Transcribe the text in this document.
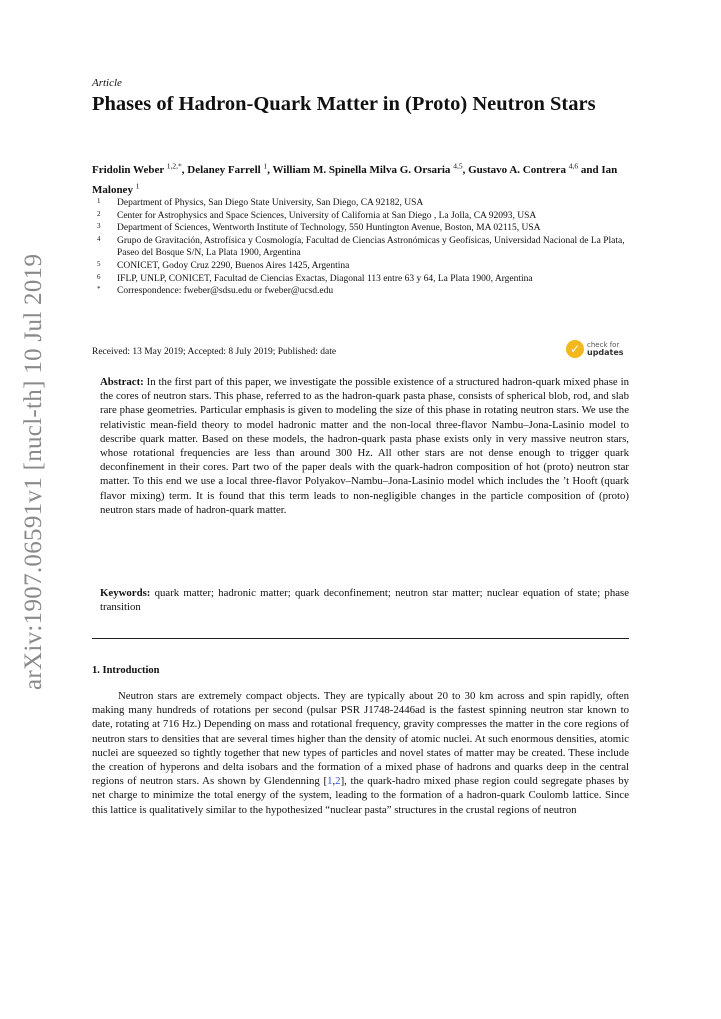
arXiv:1907.06591v1 [nucl-th] 10 Jul 2019
Article
Phases of Hadron-Quark Matter in (Proto) Neutron Stars
Fridolin Weber $^{1,2,*}$, Delaney Farrell $^1$, William M. Spinella Milva G. Orsaria $^{4,5}$, Gustavo A. Contrera $^{4,6}$ and Ian Maloney $^1$
1	Department of Physics, San Diego State University, San Diego, CA 92182, USA
2	Center for Astrophysics and Space Sciences, University of California at San Diego , La Jolla, CA 92093, USA
3	Department of Sciences, Wentworth Institute of Technology, 550 Huntington Avenue, Boston, MA 02115, USA
4	Grupo de Gravitación, Astrofísica y Cosmología, Facultad de Ciencias Astronómicas y Geofísicas, Universidad Nacional de La Plata, Paseo del Bosque S/N, La Plata 1900, Argentina
5	CONICET, Godoy Cruz 2290, Buenos Aires 1425, Argentina
6	IFLP, UNLP, CONICET, Facultad de Ciencias Exactas, Diagonal 113 entre 63 y 64, La Plata 1900, Argentina
*	Correspondence: fweber@sdsu.edu or fweber@ucsd.edu
Received: 13 May 2019; Accepted: 8 July 2019; Published: date	✓ check for
updates
Abstract: In the first part of this paper, we investigate the possible existence of a structured hadron-quark mixed phase in the cores of neutron stars. This phase, referred to as the hadron-quark pasta phase, consists of spherical blob, rod, and slab rare phase geometries. Particular emphasis is given to modeling the size of this phase in rotating neutron stars. We use the relativistic mean-field theory to model hadronic matter and the non-local three-flavor Nambu–Jona-Lasinio model to describe quark matter. Based on these models, the hadron-quark pasta phase exists only in very massive neutron stars, whose rotational frequencies are less than around 300 Hz. All other stars are not dense enough to trigger quark deconfinement in their cores. Part two of the paper deals with the quark-hadron composition of hot (proto) neutron star matter. To this end we use a local three-flavor Polyakov–Nambu–Jona-Lasinio model which includes the ’t Hooft (quark flavor mixing) term. It is found that this term leads to non-negligible changes in the particle composition of (proto) neutron stars made of hadron-quark matter.
Keywords: quark matter; hadronic matter; quark deconfinement; neutron star matter; nuclear equation of state; phase transition
1. Introduction
Neutron stars are extremely compact objects. They are typically about 20 to 30 km across and spin rapidly, often making many hundreds of rotations per second (pulsar PSR J1748-2446ad is the fastest spinning neutron star known to date, rotating at 716 Hz.) Depending on mass and rotational frequency, gravity compresses the matter in the core regions of neutron stars to densities that are several times higher than the density of atomic nuclei. At such enormous densities, atomic nuclei are squeezed so tightly together that new types of particles and novel states of matter may be created. These include the creation of hyperons and delta isobars and the formation of a mixed phase of hadrons and quarks deep in the central regions of neutron stars. As shown by Glendenning [1,2], the quark-hadro mixed phase region could segregate phases by net charge to minimize the total energy of the system, leading to the formation of a hadron-quark Coulomb lattice. Since this lattice is qualitatively similar to the hypothesized “nuclear pasta” structures in the crustal regions of neutron
